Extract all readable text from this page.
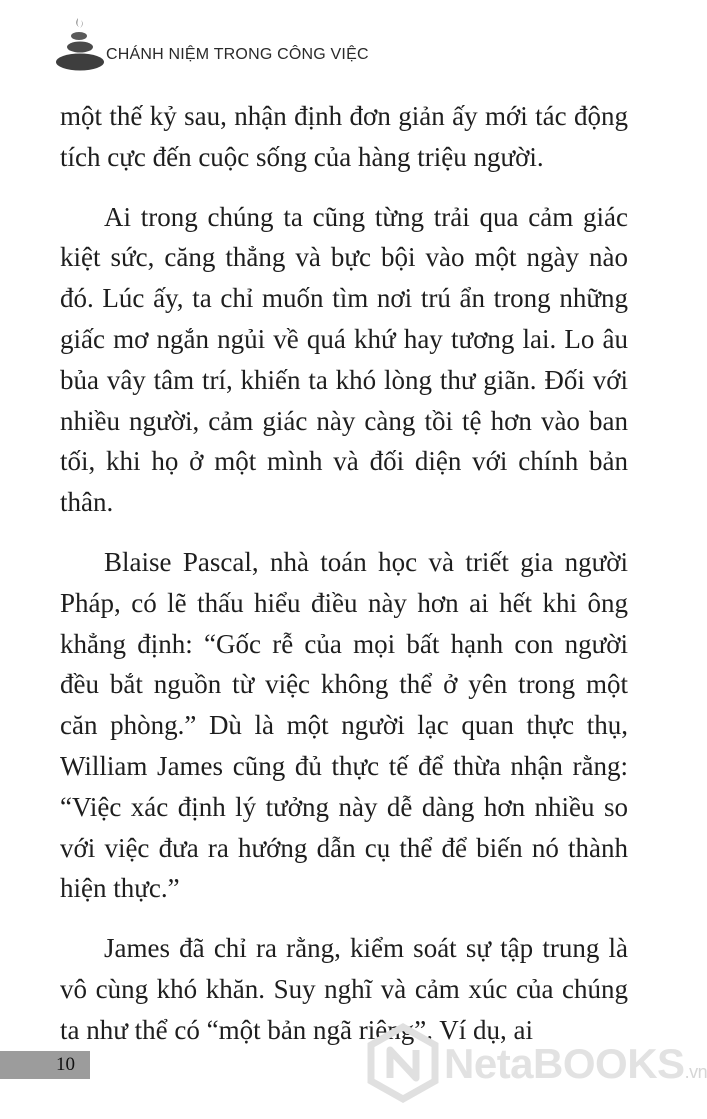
CHÁNH NIỆM TRONG CÔNG VIỆC

một thế kỷ sau, nhận định đơn giản ấy mới tác động tích cực đến cuộc sống của hàng triệu người.

Ai trong chúng ta cũng từng trải qua cảm giác kiệt sức, căng thẳng và bực bội vào một ngày nào đó. Lúc ấy, ta chỉ muốn tìm nơi trú ẩn trong những giấc mơ ngắn ngủi về quá khứ hay tương lai. Lo âu bủa vây tâm trí, khiến ta khó lòng thư giãn. Đối với nhiều người, cảm giác này càng tồi tệ hơn vào ban tối, khi họ ở một mình và đối diện với chính bản thân.

Blaise Pascal, nhà toán học và triết gia người Pháp, có lẽ thấu hiểu điều này hơn ai hết khi ông khẳng định: “Gốc rễ của mọi bất hạnh con người đều bắt nguồn từ việc không thể ở yên trong một căn phòng.” Dù là một người lạc quan thực thụ, William James cũng đủ thực tế để thừa nhận rằng: “Việc xác định lý tưởng này dễ dàng hơn nhiều so với việc đưa ra hướng dẫn cụ thể để biến nó thành hiện thực.”

James đã chỉ ra rằng, kiểm soát sự tập trung là vô cùng khó khăn. Suy nghĩ và cảm xúc của chúng ta như thể có “một bản ngã riêng”. Ví dụ, ai

10	NetaBOOKS.vn
